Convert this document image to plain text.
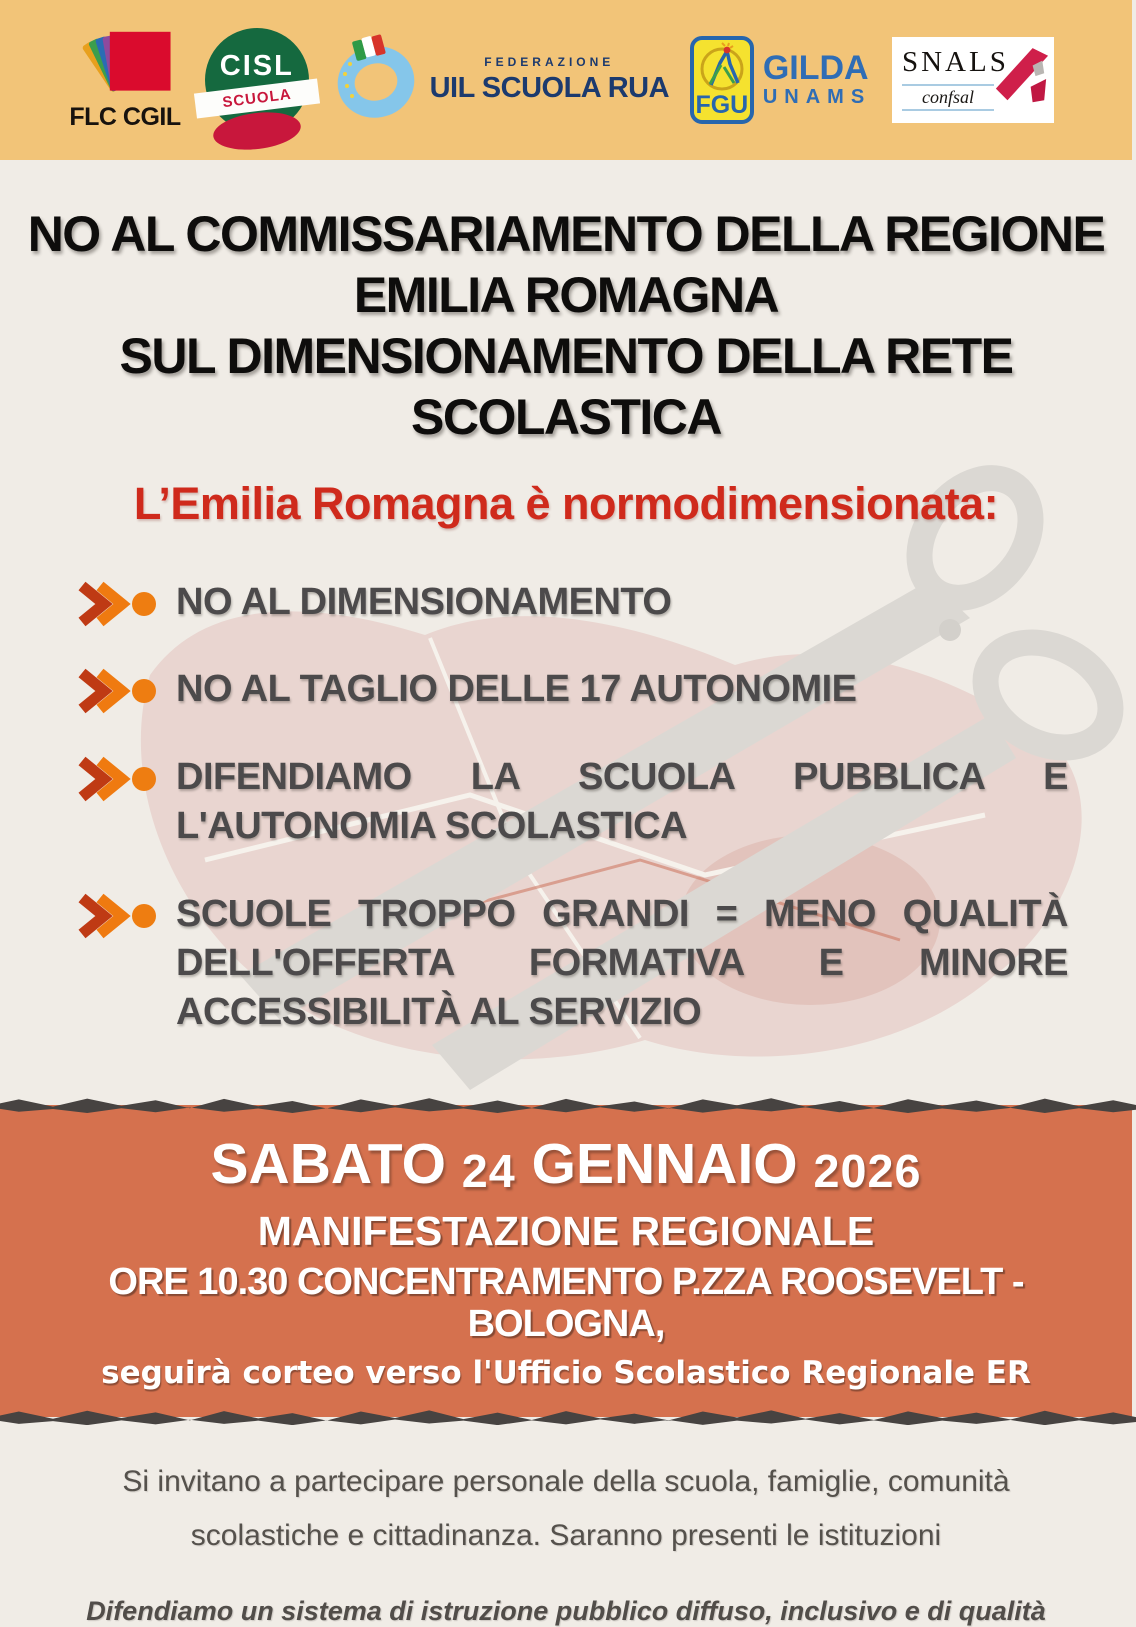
FLC CGIL
CISL
SCUOLA
FEDERAZIONE
UIL SCUOLA RUA
FGU
GILDA
UNAMS
SNALS
confsal
NO AL COMMISSARIAMENTO DELLA REGIONE
EMILIA ROMAGNA
SUL DIMENSIONAMENTO DELLA RETE
SCOLASTICA
L’Emilia Romagna è normodimensionata:
NO AL DIMENSIONAMENTO
NO AL TAGLIO DELLE 17 AUTONOMIE
DIFENDIAMO LA SCUOLA PUBBLICA E L'AUTONOMIA SCOLASTICA
SCUOLE TROPPO GRANDI = MENO QUALITÀ DELL'OFFERTA FORMATIVA E MINORE ACCESSIBILITÀ AL SERVIZIO
SABATO 24 GENNAIO 2026
MANIFESTAZIONE REGIONALE
ORE 10.30 CONCENTRAMENTO P.ZZA ROOSEVELT - BOLOGNA,
seguirà corteo verso l'Ufficio Scolastico Regionale ER

Si invitano a partecipare personale della scuola, famiglie, comunità scolastiche e cittadinanza. Saranno presenti le istituzioni

Difendiamo un sistema di istruzione pubblico diffuso, inclusivo e di qualità
